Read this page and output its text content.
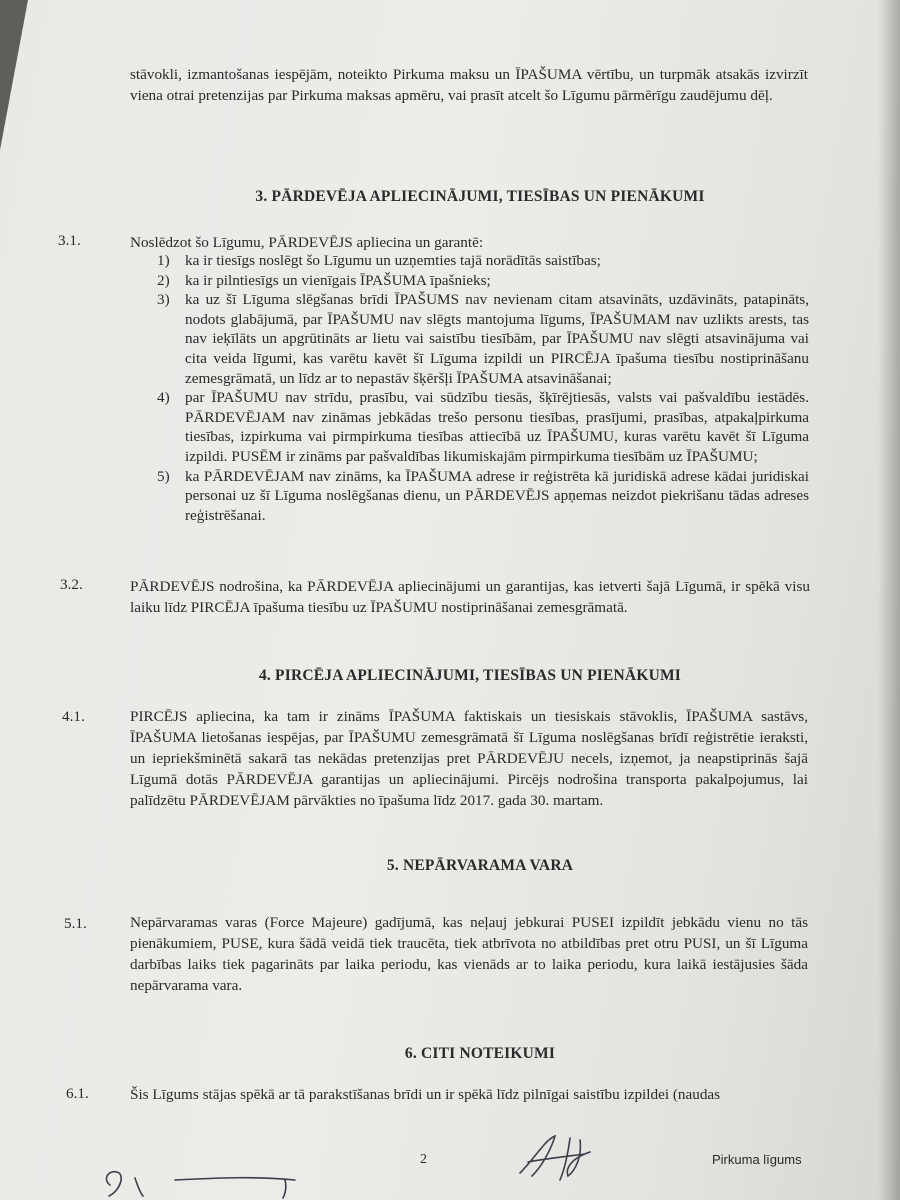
stāvokli, izmantošanas iespējām, noteikto Pirkuma maksu un ĪPAŠUMA vērtību, un turpmāk atsakās izvirzīt viena otrai pretenzijas par Pirkuma maksas apmēru, vai prasīt atcelt šo Līgumu pārmērīgu zaudējumu dēļ.
3. PĀRDEVĒJA APLIECINĀJUMI, TIESĪBAS UN PIENĀKUMI
3.1.	Noslēdzot šo Līgumu, PĀRDEVĒJS apliecina un garantē:
1)	ka ir tiesīgs noslēgt šo Līgumu un uzņemties tajā norādītās saistības;
2)	ka ir pilntiesīgs un vienīgais ĪPAŠUMA īpašnieks;
3)	ka uz šī Līguma slēgšanas brīdi ĪPAŠUMS nav nevienam citam atsavināts, uzdāvināts, patapināts, nodots glabājumā, par ĪPAŠUMU nav slēgts mantojuma līgums, ĪPAŠUMAM nav uzlikts arests, tas nav ieķīlāts un apgrūtināts ar lietu vai saistību tiesībām, par ĪPAŠUMU nav slēgti atsavinājuma vai cita veida līgumi, kas varētu kavēt šī Līguma izpildi un PIRCĒJA īpašuma tiesību nostiprināšanu zemesgrāmatā, un līdz ar to nepastāv šķēršļi ĪPAŠUMA atsavināšanai;
4)	par ĪPAŠUMU nav strīdu, prasību, vai sūdzību tiesās, šķīrējtiesās, valsts vai pašvaldību iestādēs. PĀRDEVĒJAM nav zināmas jebkādas trešo personu tiesības, prasījumi, prasības, atpakaļpirkuma tiesības, izpirkuma vai pirmpirkuma tiesības attiecībā uz ĪPAŠUMU, kuras varētu kavēt šī Līguma izpildi. PUSĒM ir zināms par pašvaldības likumiskajām pirmpirkuma tiesībām uz ĪPAŠUMU;
5)	ka PĀRDEVĒJAM nav zināms, ka ĪPAŠUMA adrese ir reģistrēta kā juridiskā adrese kādai juridiskai personai uz šī Līguma noslēgšanas dienu, un PĀRDEVĒJS apņemas neizdot piekrišanu tādas adreses reģistrēšanai.
3.2.	PĀRDEVĒJS nodrošina, ka PĀRDEVĒJA apliecinājumi un garantijas, kas ietverti šajā Līgumā, ir spēkā visu laiku līdz PIRCĒJA īpašuma tiesību uz ĪPAŠUMU nostiprināšanai zemesgrāmatā.
4. PIRCĒJA APLIECINĀJUMI, TIESĪBAS UN PIENĀKUMI
4.1.	PIRCĒJS apliecina, ka tam ir zināms ĪPAŠUMA faktiskais un tiesiskais stāvoklis, ĪPAŠUMA sastāvs, ĪPAŠUMA lietošanas iespējas, par ĪPAŠUMU zemesgrāmatā šī Līguma noslēgšanas brīdī reģistrētie ieraksti, un iepriekšminētā sakarā tas nekādas pretenzijas pret PĀRDEVĒJU necels, izņemot, ja neapstiprinās šajā Līgumā dotās PĀRDEVĒJA garantijas un apliecinājumi. Pircējs nodrošina transporta pakalpojumus, lai palīdzētu PĀRDEVĒJAM pārvākties no īpašuma līdz 2017. gada 30. martam.
5. NEPĀRVARAMA VARA
5.1.	Nepārvaramas varas (Force Majeure) gadījumā, kas neļauj jebkurai PUSEI izpildīt jebkādu vienu no tās pienākumiem, PUSE, kura šādā veidā tiek traucēta, tiek atbrīvota no atbildības pret otru PUSI, un šī Līguma darbības laiks tiek pagarināts par laika periodu, kas vienāds ar to laika periodu, kura laikā iestājusies šāda nepārvarama vara.
6. CITI NOTEIKUMI
6.1.	Šis Līgums stājas spēkā ar tā parakstīšanas brīdi un ir spēkā līdz pilnīgai saistību izpildei (naudas
2	Pirkuma līgums
